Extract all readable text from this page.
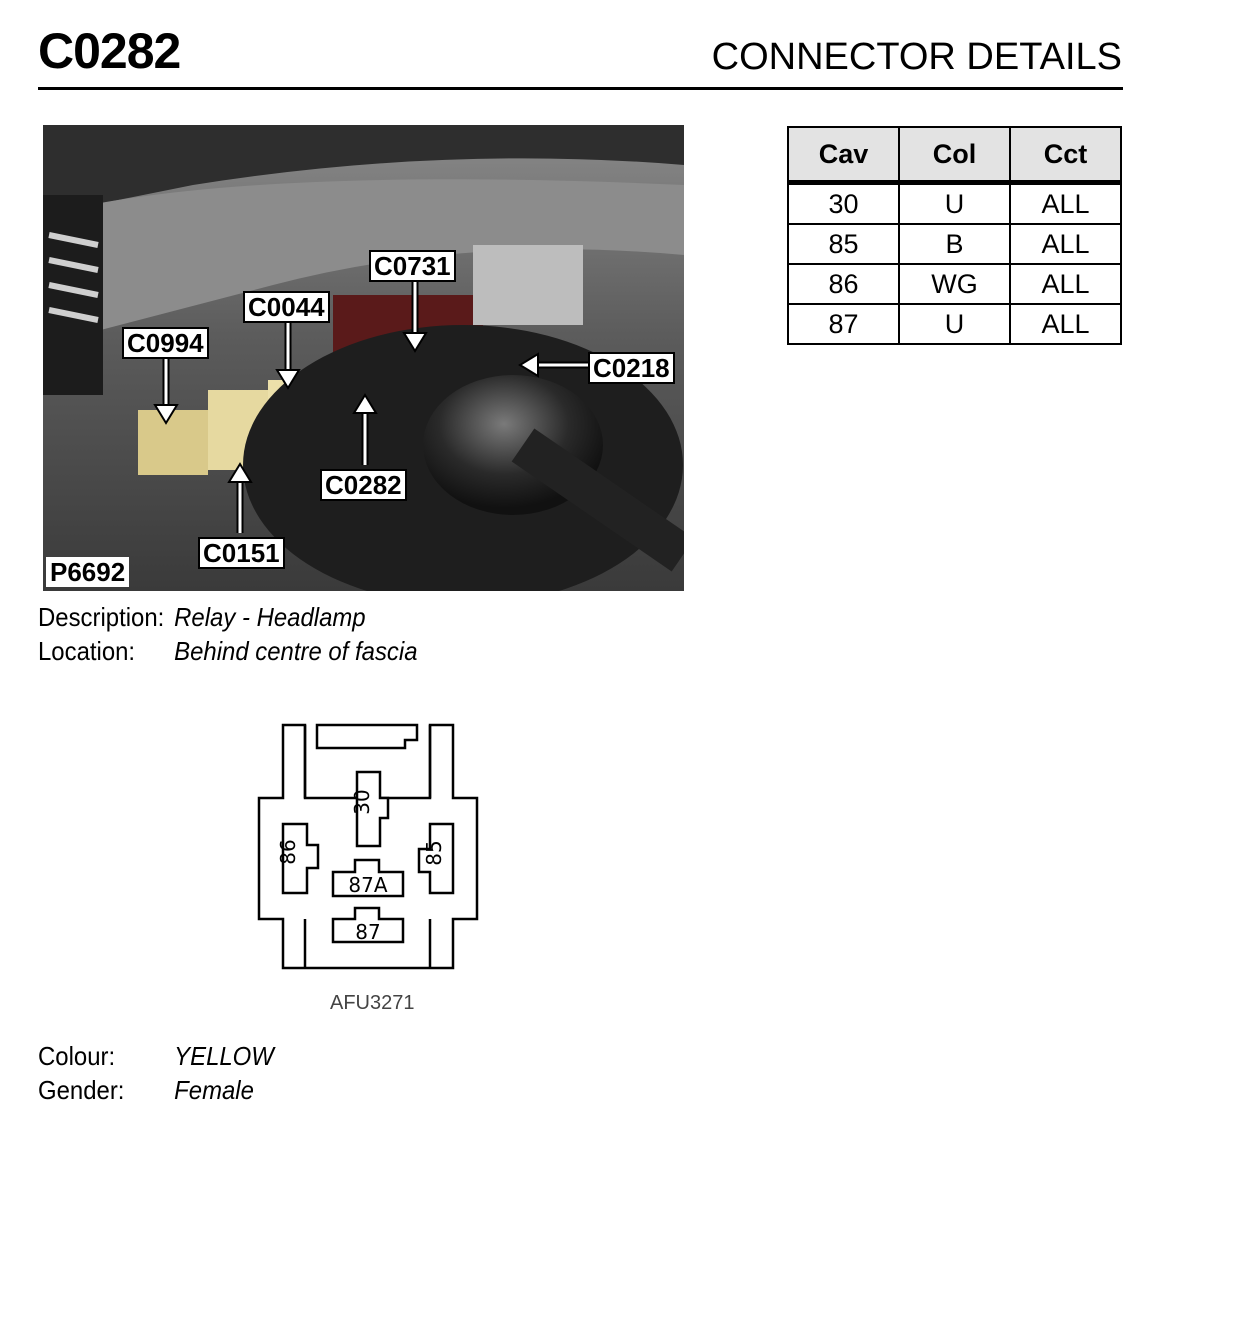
C0282	CONNECTOR DETAILS
C0994
C0044
C0731
C0218
C0282
C0151
P6692
Cav	Col	Cct
30	U	ALL
85	B	ALL
86	WG	ALL
87	U	ALL
Description: Relay - Headlamp
Location: Behind centre of fascia
30
86
87A
85
87
AFU3271
Colour: YELLOW
Gender: Female
